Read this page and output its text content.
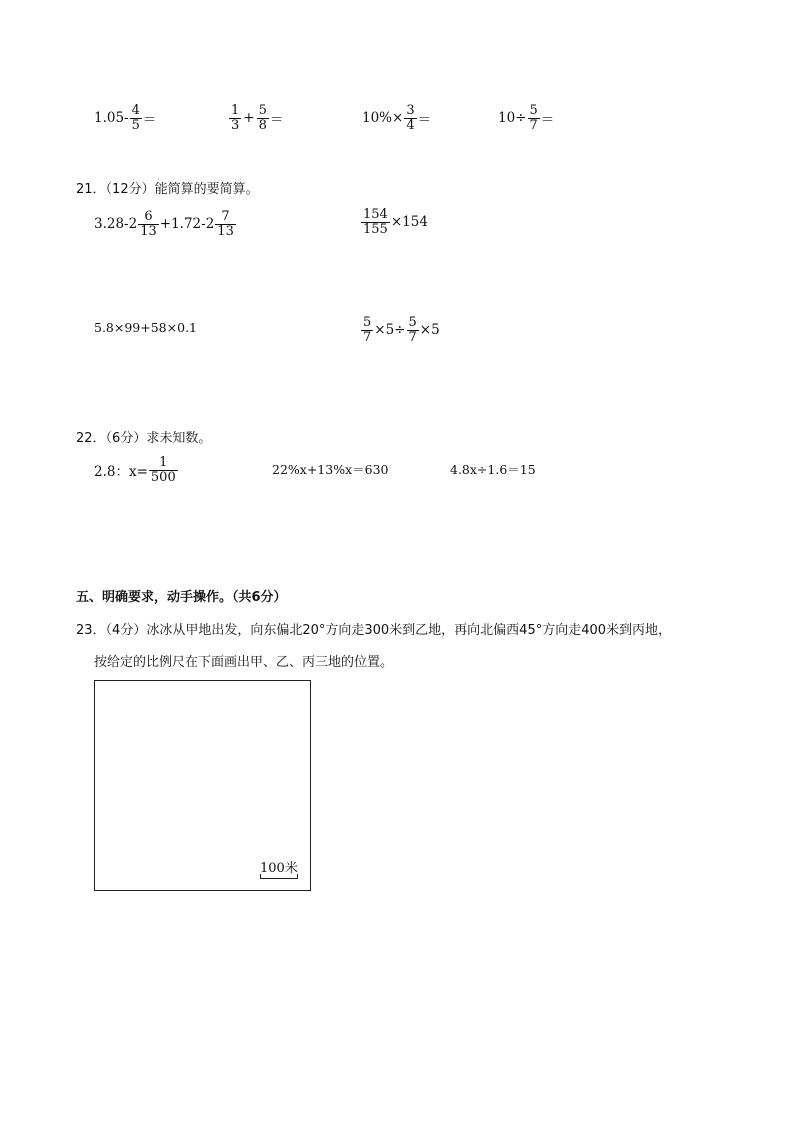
$1.05- \frac{4}{5}$ ＝	$\frac{1}{3} + \frac{5}{8}$ ＝	$10\%\times \frac{3}{4}$ ＝	$10\div \frac{5}{7}$ ＝
21．（12分）能简算的要简算。
$3.28-2 \frac{6}{13} +1.72-2 \frac{7}{13}$	$\frac{154}{155} \times 154$
5.8×99+58×0.1	$\frac{5}{7} \times 5\div \frac{5}{7} \times 5$
22．（6分）求未知数。
2.8：$x= \frac{1}{500}$	22%x+13%x＝630	4.8x÷1.6＝15
五、明确要求，动手操作。（共6分）
23．（4分）冰冰从甲地出发，向东偏北20°方向走300米到乙地，再向北偏西45°方向走400米到丙地，
按给定的比例尺在下面画出甲、乙、丙三地的位置。
100米
